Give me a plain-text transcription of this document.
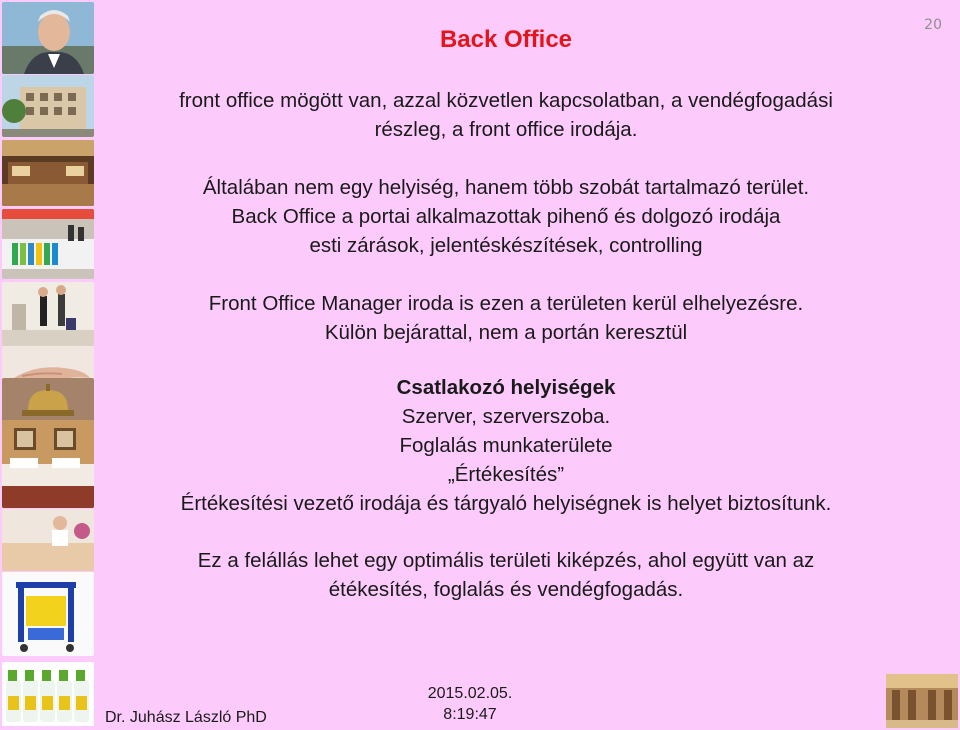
20
Back Office
front office mögött van, azzal közvetlen kapcsolatban, a vendégfogadási
részleg, a front office irodája.
Általában nem egy helyiség, hanem több szobát tartalmazó terület.
Back Office a portai alkalmazottak pihenő és dolgozó irodája
esti zárások, jelentéskészítések, controlling
Front Office Manager iroda is ezen a területen kerül elhelyezésre.
Külön bejárattal, nem a portán keresztül
Csatlakozó helyiségek
Szerver, szerverszoba.
Foglalás munkaterülete
„Értékesítés”
Értékesítési vezető irodája és tárgyaló helyiségnek is helyet biztosítunk.
Ez a felállás lehet egy optimális területi kiképzés, ahol együtt van az
étékesítés, foglalás és vendégfogadás.
Dr. Juhász László PhD
2015.02.05.
8:19:47
